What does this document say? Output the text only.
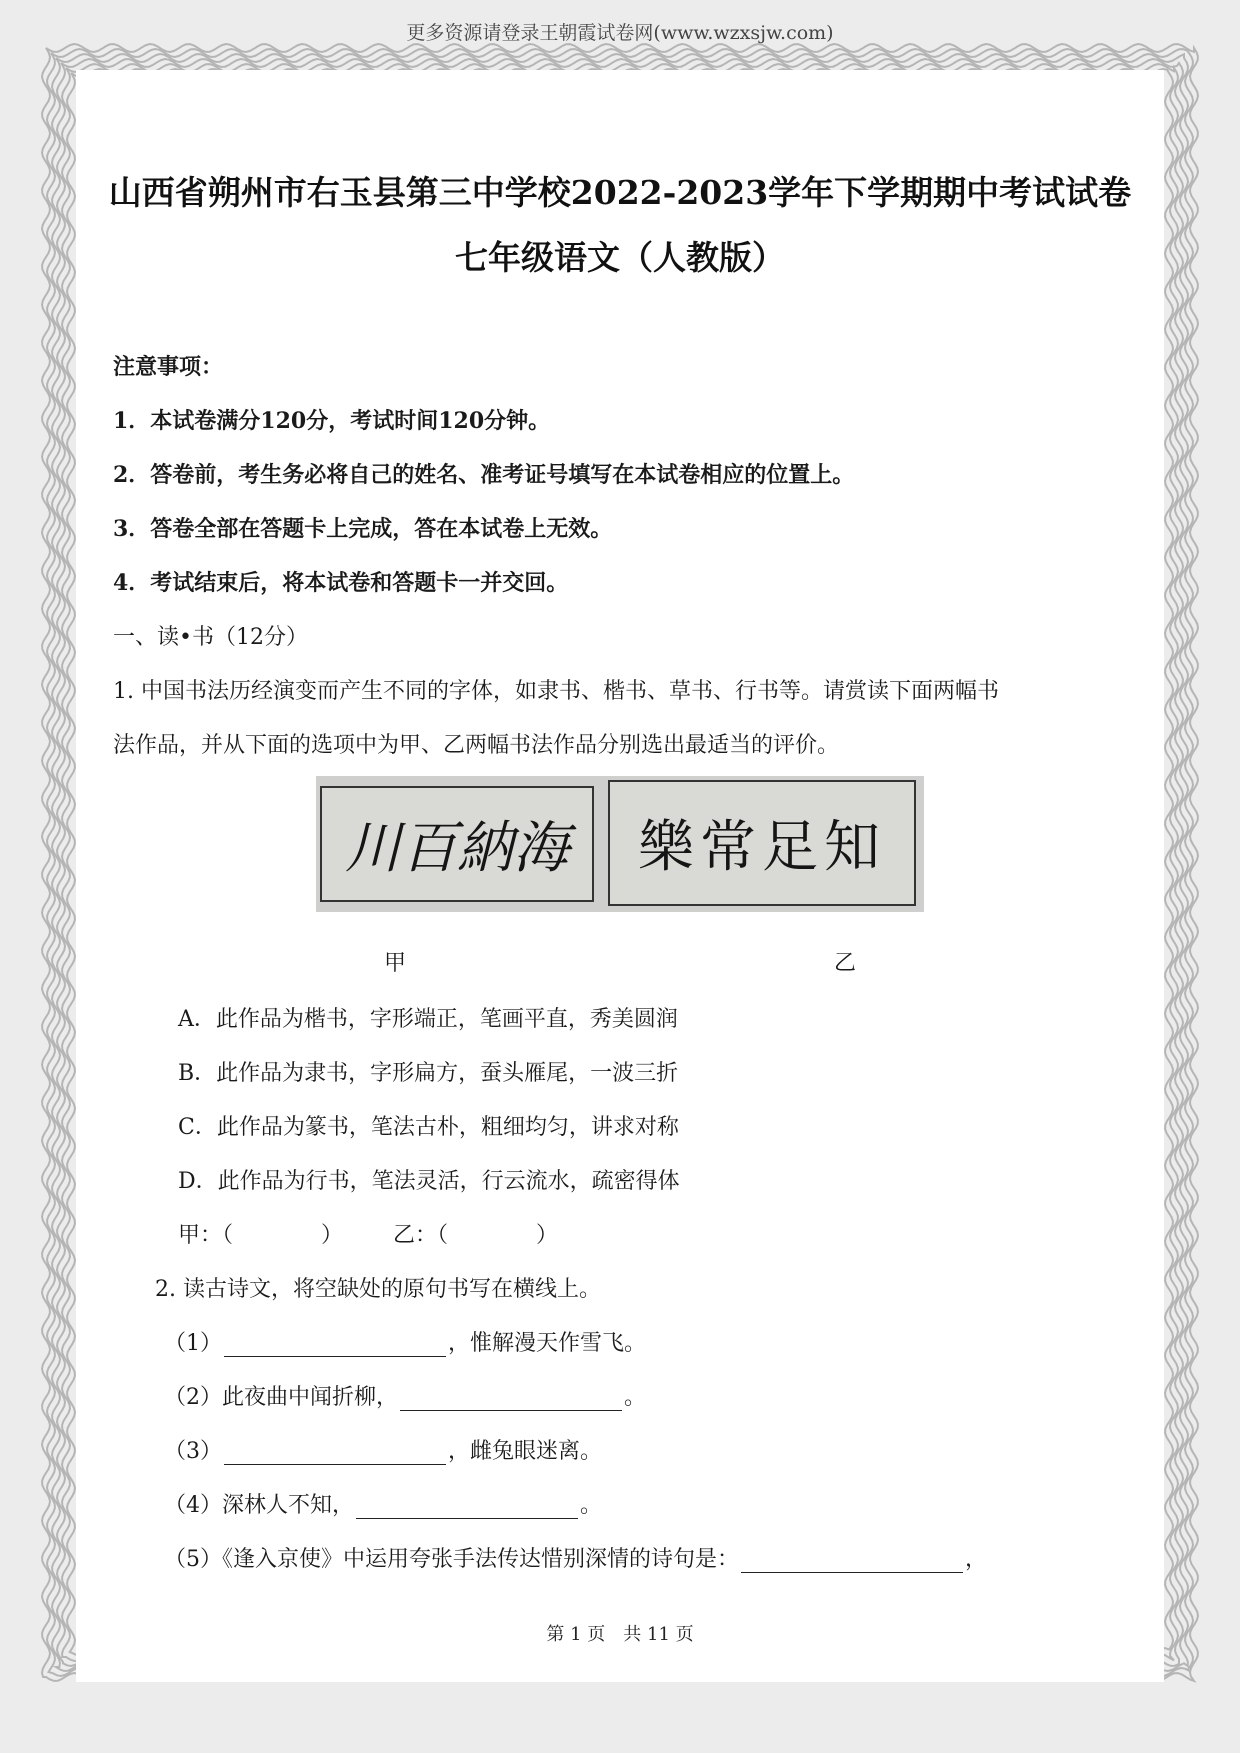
更多资源请登录王朝霞试卷网(www.wzxsjw.com)
山西省朔州市右玉县第三中学校2022-2023学年下学期期中考试试卷
七年级语文（人教版）
注意事项：
1．本试卷满分120分，考试时间120分钟。
2．答卷前，考生务必将自己的姓名、准考证号填写在本试卷相应的位置上。
3．答卷全部在答题卡上完成，答在本试卷上无效。
4．考试结束后，将本试卷和答题卡一并交回。
一、读•书（12分）
1. 中国书法历经演变而产生不同的字体，如隶书、楷书、草书、行书等。请赏读下面两幅书
法作品，并从下面的选项中为甲、乙两幅书法作品分别选出最适当的评价。
川百納海	樂常足知
甲	乙
A．此作品为楷书，字形端正，笔画平直，秀美圆润
B．此作品为隶书，字形扁方，蚕头雁尾，一波三折
C．此作品为篆书，笔法古朴，粗细均匀，讲求对称
D．此作品为行书，笔法灵活，行云流水，疏密得体
甲：（　　　　） 乙：（　　　　）
2. 读古诗文，将空缺处的原句书写在横线上。
（1）	，惟解漫天作雪飞。
（2）此夜曲中闻折柳，	。
（3）	，雌兔眼迷离。
（4）深林人不知，	。
（5）《逢入京使》中运用夸张手法传达惜别深情的诗句是：	，
第 1 页　共 11 页
